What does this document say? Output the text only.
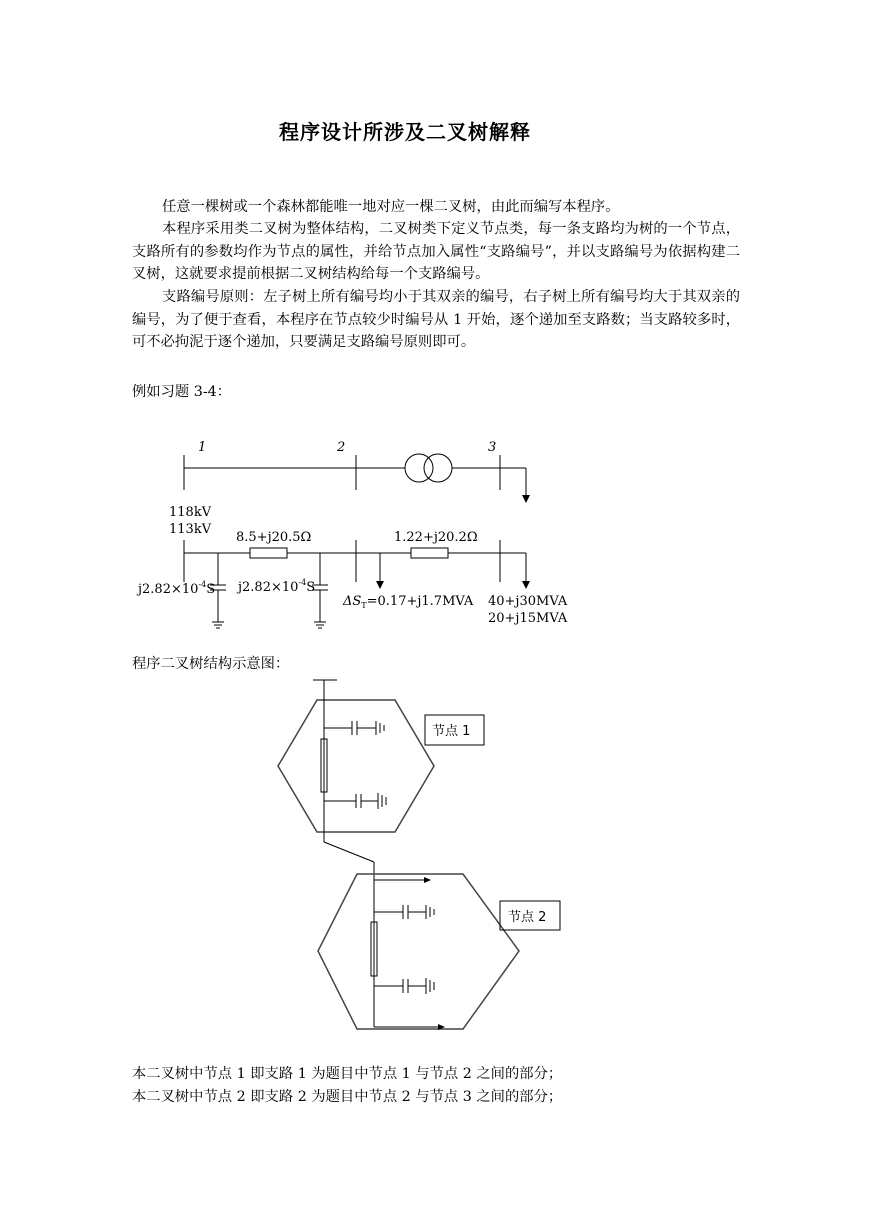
程序设计所涉及二叉树解释

任意一棵树或一个森林都能唯一地对应一棵二叉树，由此而编写本程序。

本程序采用类二叉树为整体结构，二叉树类下定义节点类，每一条支路均为树的一个节点，支路所有的参数均作为节点的属性，并给节点加入属性“支路编号”，并以支路编号为依据构建二叉树，这就要求提前根据二叉树结构给每一个支路编号。

支路编号原则：左子树上所有编号均小于其双亲的编号，右子树上所有编号均大于其双亲的编号，为了便于查看，本程序在节点较少时编号从 1 开始，逐个递加至支路数；当支路较多时，可不必拘泥于逐个递加，只要满足支路编号原则即可。

例如习题 3-4：
1	2	3
118kV
113kV
8.5+j20.5Ω	1.22+j20.2Ω
$j2.82\times 10^{-4}S$ $j2.82\times 10^{-4}S$
$\Delta S_T=0.17+j1.7MVA$ 40+j30MVA
20+j15MVA
程序二叉树结构示意图：
节点 1
节点 2
本二叉树中节点 1 即支路 1 为题目中节点 1 与节点 2 之间的部分；
本二叉树中节点 2 即支路 2 为题目中节点 2 与节点 3 之间的部分；
